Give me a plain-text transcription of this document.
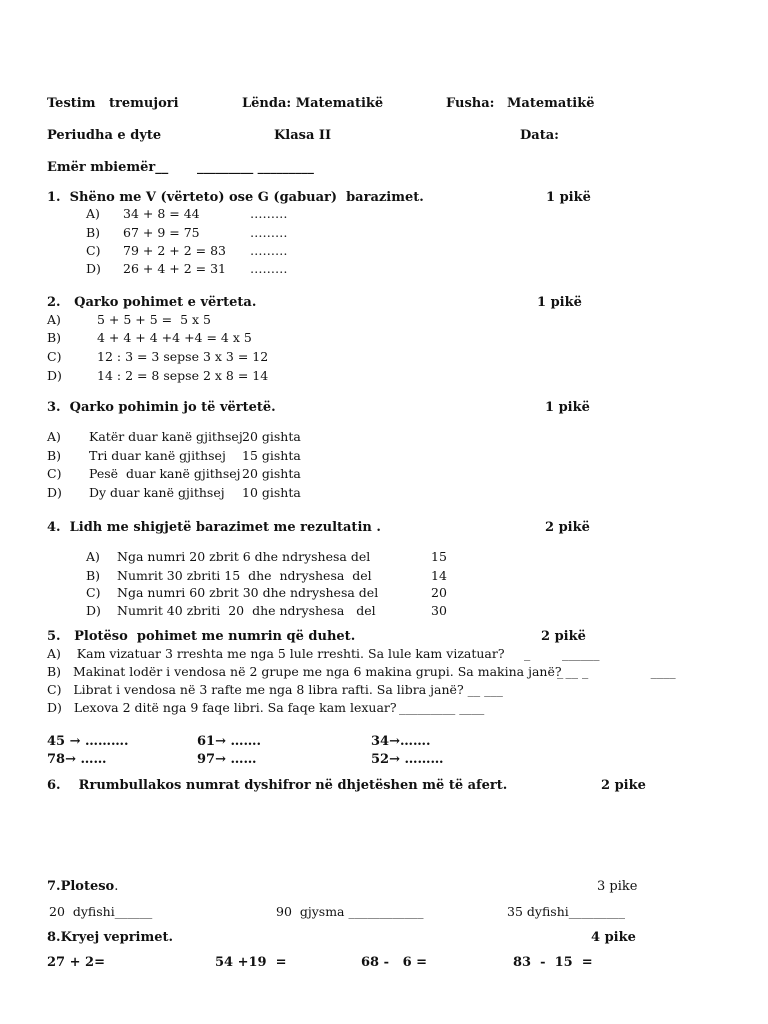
Testim   tremujori	Lënda: Matematikë	Fusha: Matematikë
Periudha e dyte	Klasa II	Data:
Emër mbiemër__ _________ _________
1.  Shëno me V (vërteto) ose G (gabuar)  barazimet.	1 pikë
A) 34 + 8 = 44	………
B) 67 + 9 = 75	………
C) 79 + 2 + 2 = 83 ………
D) 26 + 4 + 2 = 31 ………
2.   Qarko pohimet e vërteta.	1 pikë
A)	5 + 5 + 5 =  5 x 5
B)	4 + 4 + 4 +4 +4 = 4 x 5
C)	12 : 3 = 3 sepse 3 x 3 = 12
D)	14 : 2 = 8 sepse 2 x 8 = 14
3.  Qarko pohimin jo të vërtetë.	1 pikë
A) Katër duar kanë gjithsej 20 gishta
B) Tri duar kanë gjithsej 15 gishta
C) Pesë  duar kanë gjithsej 20 gishta
D) Dy duar kanë gjithsej 10 gishta
4.  Lidh me shigjetë barazimet me rezultatin .	2 pikë
A) Nga numri 20 zbrit 6 dhe ndryshesa del	15
B) Numrit 30 zbriti 15  dhe  ndryshesa  del	14
C) Nga numri 60 zbrit 30 dhe ndryshesa del	20
D) Numrit 40 zbriti  20  dhe ndryshesa   del	30
5.   Plotëso  pohimet me numrin që duhet.	2 pikë
A)    Kam vizatuar 3 rreshta me nga 5 lule rreshti. Sa lule kam vizatuar? _        ______
B)   Makinat lodër i vendosa në 2 grupe me nga 6 makina grupi. Sa makina janë? __ _
_                      ____
C)   Librat i vendosa në 3 rafte me nga 8 libra rafti. Sa libra janë? __ ___
D)   Lexova 2 ditë nga 9 faqe libri. Sa faqe kam lexuar? _________ ____
45 → ……….	61→ …….	34→…….
78→ ……	97→ ……	52→ ………
6.    Rrumbullakos numrat dyshifror në dhjetëshen më të afert.	2 pike
7.Ploteso.	3 pike
20  dyfishi______	90  gjysma ____________	35 dyfishi_________
8.Kryej veprimet.	4 pike
27 + 2=	54 +19  =	68 -   6 =	83  -  15  =
